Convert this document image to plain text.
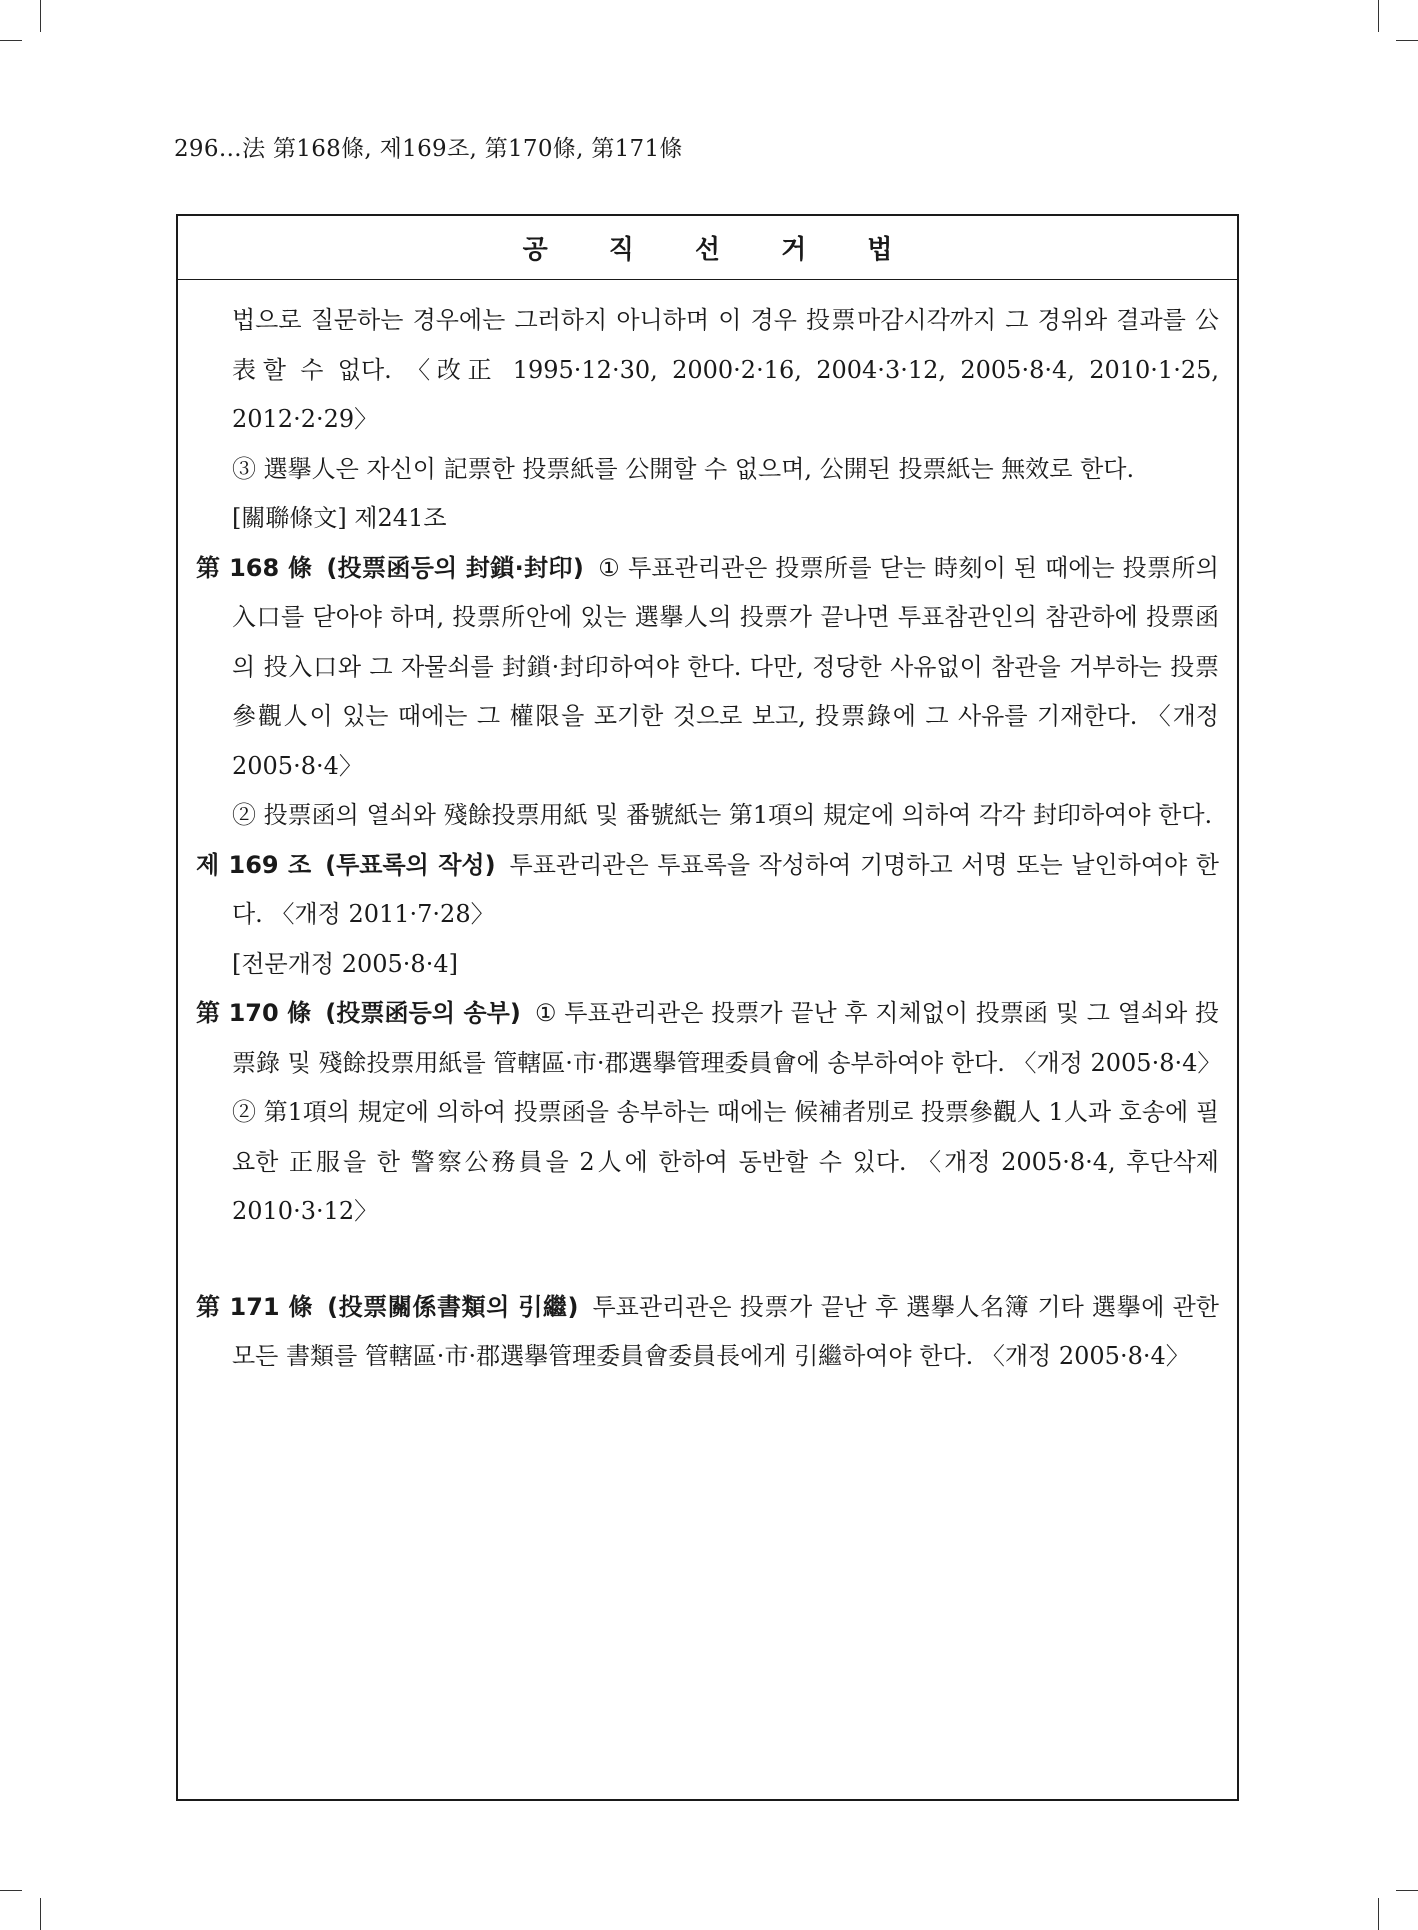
296…法 第168條, 제169조, 第170條, 第171條
공 직 선 거 법

법으로 질문하는 경우에는 그러하지 아니하며 이 경우 投票마감시각까지 그 경위와 결과를 公表할 수 없다. 〈改正 1995·12·30, 2000·2·16, 2004·3·12, 2005·8·4, 2010·1·25, 2012·2·29〉

③ 選擧人은 자신이 記票한 投票紙를 公開할 수 없으며, 公開된 投票紙는 無效로 한다.

[關聯條文] 제241조

第 168 條 (投票函등의 封鎖·封印) ① 투표관리관은 投票所를 닫는 時刻이 된 때에는 投票所의 入口를 닫아야 하며, 投票所안에 있는 選擧人의 投票가 끝나면 투표참관인의 참관하에 投票函의 投入口와 그 자물쇠를 封鎖·封印하여야 한다. 다만, 정당한 사유없이 참관을 거부하는 投票參觀人이 있는 때에는 그 權限을 포기한 것으로 보고, 投票錄에 그 사유를 기재한다. 〈개정 2005·8·4〉

② 投票函의 열쇠와 殘餘投票用紙 및 番號紙는 第1項의 規定에 의하여 각각 封印하여야 한다.

제 169 조 (투표록의 작성) 투표관리관은 투표록을 작성하여 기명하고 서명 또는 날인하여야 한다. 〈개정 2011·7·28〉

[전문개정 2005·8·4]

第 170 條 (投票函등의 송부) ① 투표관리관은 投票가 끝난 후 지체없이 投票函 및 그 열쇠와 投票錄 및 殘餘投票用紙를 管轄區·市·郡選擧管理委員會에 송부하여야 한다. 〈개정 2005·8·4〉

② 第1項의 規定에 의하여 投票函을 송부하는 때에는 候補者別로 投票參觀人 1人과 호송에 필요한 正服을 한 警察公務員을 2人에 한하여 동반할 수 있다. 〈개정 2005·8·4, 후단삭제 2010·3·12〉

第 171 條 (投票關係書類의 引繼) 투표관리관은 投票가 끝난 후 選擧人名簿 기타 選擧에 관한 모든 書類를 管轄區·市·郡選擧管理委員會委員長에게 引繼하여야 한다. 〈개정 2005·8·4〉
